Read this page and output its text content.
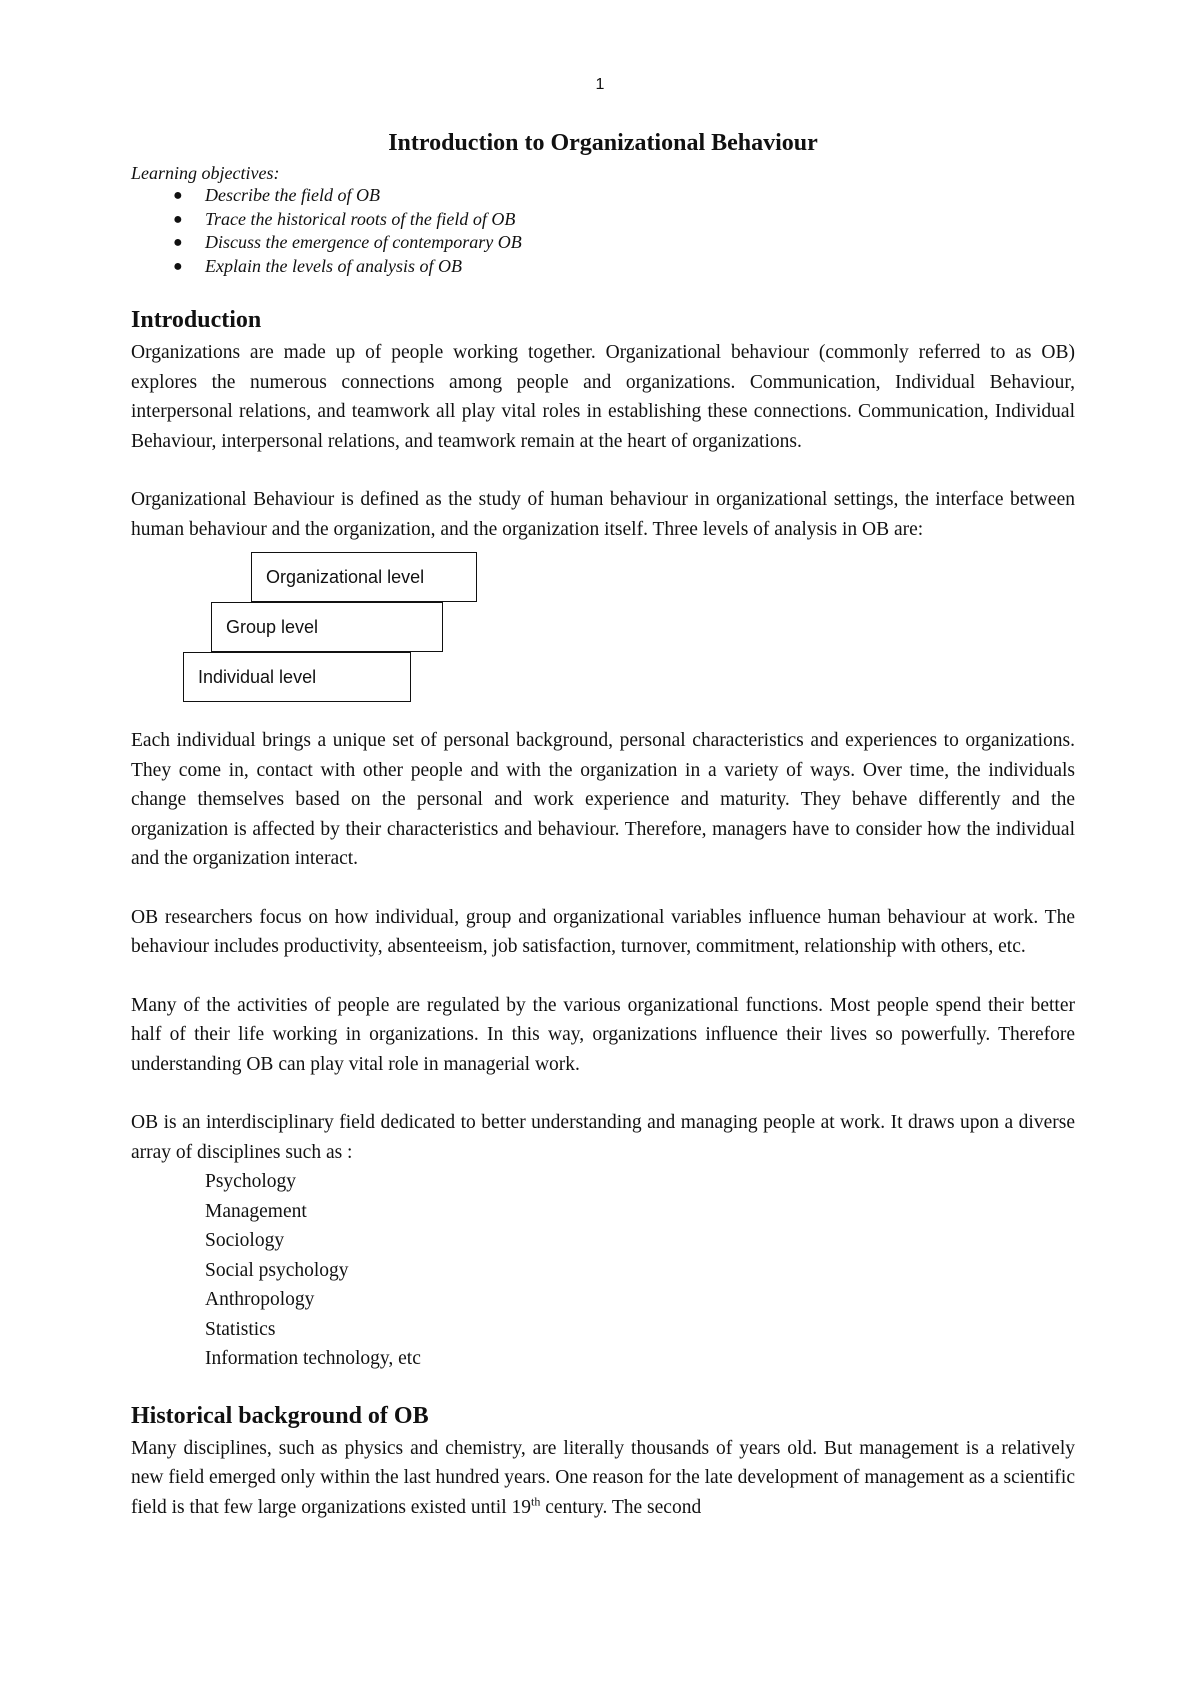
1
Introduction to Organizational Behaviour
Learning objectives:
● Describe the field of OB
● Trace the historical roots of the field of OB
● Discuss the emergence of contemporary OB
● Explain the levels of analysis of OB
Introduction

Organizations are made up of people working together. Organizational behaviour (commonly referred to as OB) explores the numerous connections among people and organizations. Communication, Individual Behaviour, interpersonal relations, and teamwork all play vital roles in establishing these connections. Communication, Individual Behaviour, interpersonal relations, and teamwork remain at the heart of organizations.

Organizational Behaviour is defined as the study of human behaviour in organizational settings, the interface between human behaviour and the organization, and the organization itself. Three levels of analysis in OB are:

Individual level
Group level
Organizational level

Each individual brings a unique set of personal background, personal characteristics and experiences to organizations. They come in, contact with other people and with the organization in a variety of ways. Over time, the individuals change themselves based on the personal and work experience and maturity. They behave differently and the organization is affected by their characteristics and behaviour. Therefore, managers have to consider how the individual and the organization interact.

OB researchers focus on how individual, group and organizational variables influence human behaviour at work. The behaviour includes productivity, absenteeism, job satisfaction, turnover, commitment, relationship with others, etc.

Many of the activities of people are regulated by the various organizational functions. Most people spend their better half of their life working in organizations. In this way, organizations influence their lives so powerfully. Therefore understanding OB can play vital role in managerial work.

OB is an interdisciplinary field dedicated to better understanding and managing people at work. It draws upon a diverse array of disciplines such as :

Psychology
Management
Sociology
Social psychology
Anthropology
Statistics
Information technology, etc
Historical background of OB

Many disciplines, such as physics and chemistry, are literally thousands of years old. But management is a relatively new field emerged only within the last hundred years. One reason for the late development of management as a scientific field is that few large organizations existed until 19th century. The second
